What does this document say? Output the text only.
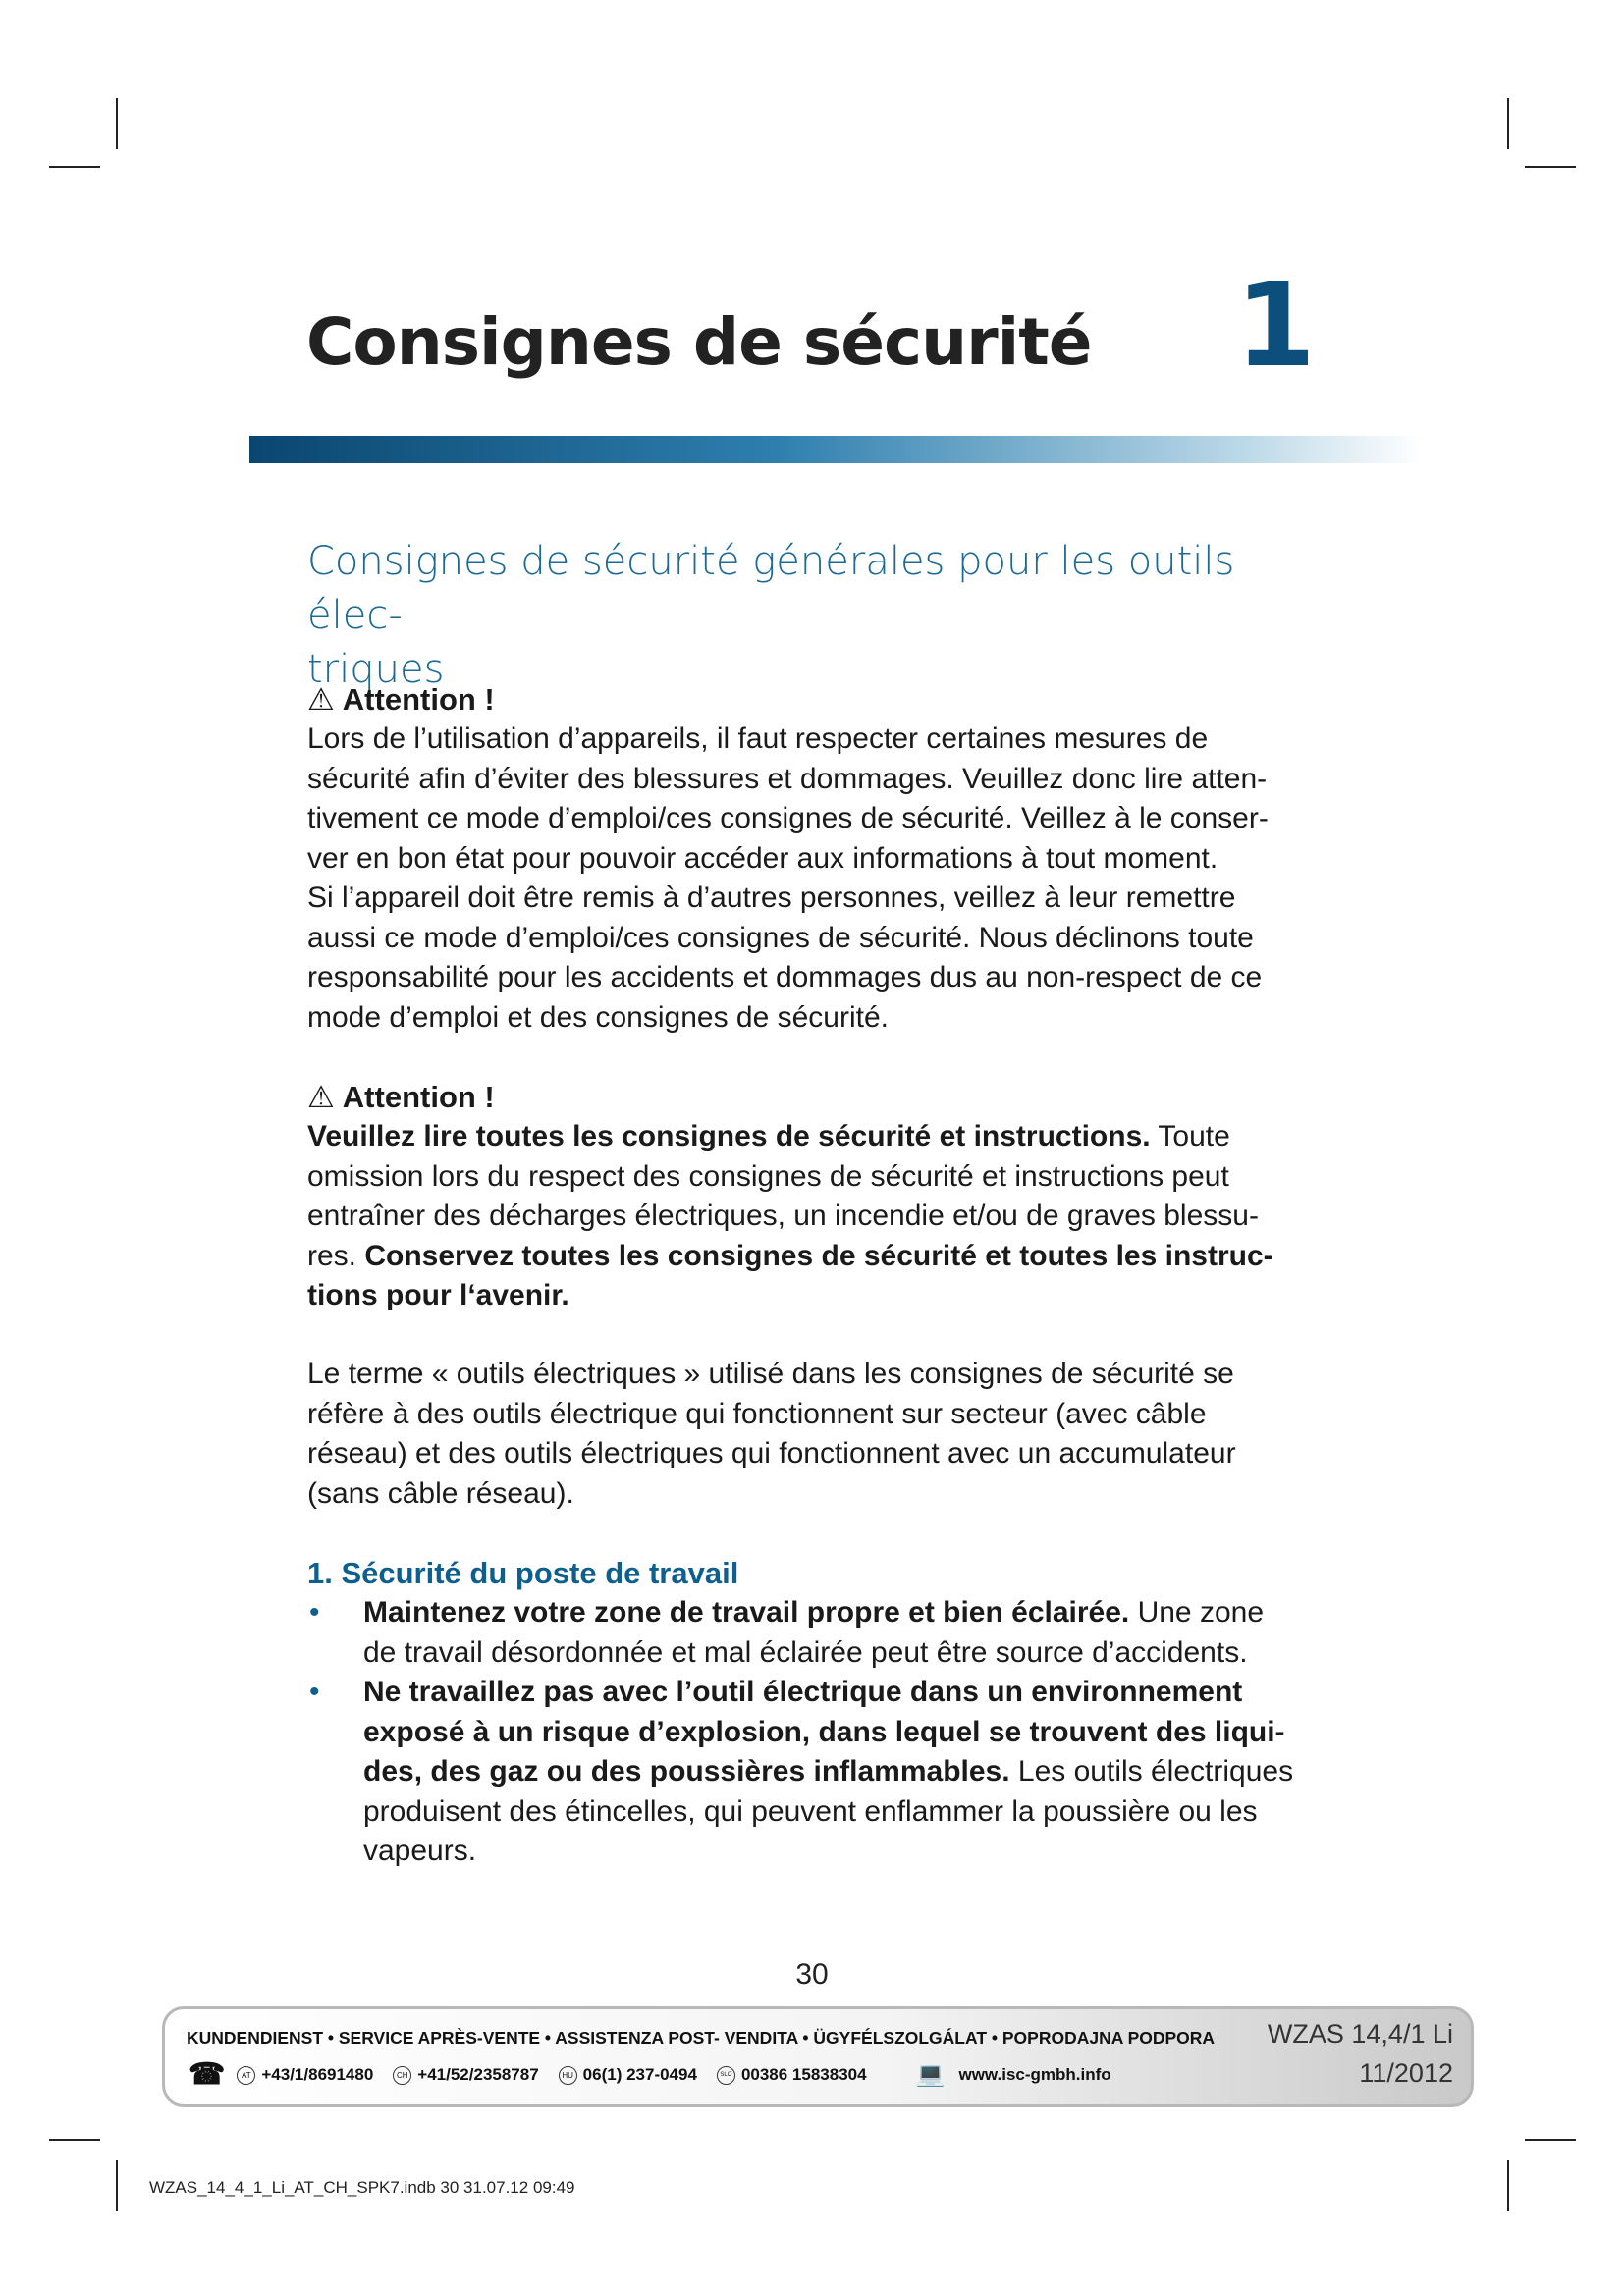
Consignes de sécurité 1
Consignes de sécurité générales pour les outils élec-
triques

⚠ Attention !

Lors de l’utilisation d’appareils, il faut respecter certaines mesures de

sécurité afin d’éviter des blessures et dommages. Veuillez donc lire atten-

tivement ce mode d’emploi/ces consignes de sécurité. Veillez à le conser-

ver en bon état pour pouvoir accéder aux informations à tout moment.

Si l’appareil doit être remis à d’autres personnes, veillez à leur remettre

aussi ce mode d’emploi/ces consignes de sécurité. Nous déclinons toute

responsabilité pour les accidents et dommages dus au non-respect de ce

mode d’emploi et des consignes de sécurité.

⚠ Attention !

Veuillez lire toutes les consignes de sécurité et instructions. Toute

omission lors du respect des consignes de sécurité et instructions peut

entraîner des décharges électriques, un incendie et/ou de graves blessu-

res. Conservez toutes les consignes de sécurité et toutes les instruc-

tions pour l‘avenir.

Le terme « outils électriques » utilisé dans les consignes de sécurité se

réfère à des outils électrique qui fonctionnent sur secteur (avec câble

réseau) et des outils électriques qui fonctionnent avec un accumulateur

(sans câble réseau).

1. Sécurité du poste de travail

• Maintenez votre zone de travail propre et bien éclairée. Une zone
de travail désordonnée et mal éclairée peut être source d’accidents.
• Ne travaillez pas avec l’outil électrique dans un environnement
exposé à un risque d’explosion, dans lequel se trouvent des liqui-
des, des gaz ou des poussières inflammables. Les outils électriques
produisent des étincelles, qui peuvent enflammer la poussière ou les
vapeurs.
30
KUNDENDIENST • SERVICE APRÈS-VENTE • ASSISTENZA POST- VENDITA • ÜGYFÉLSZOLGÁLAT • POPRODAJNA PODPORA WZAS 14,4/1 Li
11/2012
☎	AT +43/1/8691480	CH +41/52/2358787	HU 06(1) 237-0494	SLO 00386 15838304 💻 www.isc-gmbh.info
WZAS_14_4_1_Li_AT_CH_SPK7.indb 30 31.07.12 09:49
